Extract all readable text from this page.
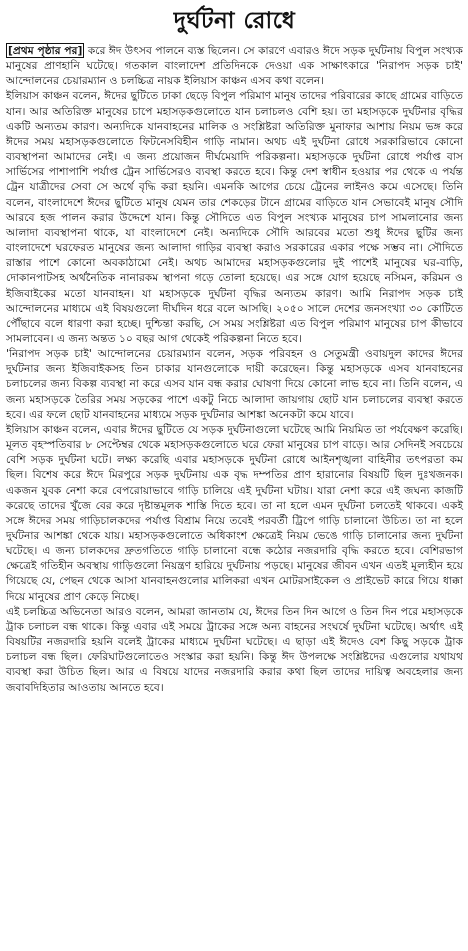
দুর্ঘটনা রোধে

[প্রথম পৃষ্ঠার পর] করে ঈদ উৎসব পালনে ব্যস্ত ছিলেন। সে কারণে এবারও ঈদে সড়ক দুর্ঘটনায় বিপুল সংখ্যক মানুষের প্রাণহানি ঘটেছে। গতকাল বাংলাদেশ প্রতিদিনকে দেওয়া এক সাক্ষাৎকারে 'নিরাপদ সড়ক চাই' আন্দোলনের চেয়ারম্যান ও চলচ্চিত্র নায়ক ইলিয়াস কাঞ্চন এসব কথা বলেন।

ইলিয়াস কাঞ্চন বলেন, ঈদের ছুটিতে ঢাকা ছেড়ে বিপুল পরিমাণ মানুষ তাদের পরিবারের কাছে গ্রামের বাড়িতে যান। আর অতিরিক্ত মানুষের চাপে মহাসড়কগুলোতে যান চলাচলও বেশি হয়। তা মহাসড়কে দুর্ঘটনার বৃদ্ধির একটি অন্যতম কারণ। অন্যদিকে যানবাহনের মালিক ও সংশ্লিষ্টরা অতিরিক্ত মুনাফার আশায় নিয়ম ভঙ্গ করে ঈদের সময় মহাসড়কগুলোতে ফিটনেসবিহীন গাড়ি নামান। অথচ এই দুর্ঘটনা রোধে সরকারিভাবে কোনো ব্যবস্থাপনা আমাদের নেই। এ জন্য প্রয়োজন দীর্ঘমেয়াদি পরিকল্পনা। মহাসড়কে দুর্ঘটনা রোধে পর্যাপ্ত বাস সার্ভিসের পাশাপাশি পর্যাপ্ত ট্রেন সার্ভিসেরও ব্যবস্থা করতে হবে। কিন্তু দেশ স্বাধীন হওয়ার পর থেকে এ পর্যন্ত ট্রেন যাত্রীদের সেবা সে অর্থে বৃদ্ধি করা হয়নি। এমনকি আগের চেয়ে ট্রেনের লাইনও কমে এসেছে। তিনি বলেন, বাংলাদেশে ঈদের ছুটিতে মানুষ যেমন তার শেকড়ের টানে গ্রামের বাড়িতে যান সেভাবেই মানুষ সৌদি আরবে হজ পালন করার উদ্দেশে যান। কিন্তু সৌদিতে এত বিপুল সংখ্যক মানুষের চাপ সামলানোর জন্য আলাদা ব্যবস্থাপনা থাকে, যা বাংলাদেশে নেই। অন্যদিকে সৌদি আরবের মতো শুধু ঈদের ছুটির জন্য বাংলাদেশে ঘরফেরত মানুষের জন্য আলাদা গাড়ির ব্যবস্থা করাও সরকারের একার পক্ষে সম্ভব না। সৌদিতে রাস্তার পাশে কোনো অবকাঠামো নেই। অথচ আমাদের মহাসড়কগুলোর দুই পাশেই মানুষের ঘর-বাড়ি, দোকানপাটসহ অর্থনৈতিক নানারকম স্থাপনা গড়ে তোলা হয়েছে। এর সঙ্গে যোগ হয়েছে নসিমন, করিমন ও ইজিবাইকের মতো যানবাহন। যা মহাসড়কে দুর্ঘটনা বৃদ্ধির অন্যতম কারণ। আমি নিরাপদ সড়ক চাই আন্দোলনের মাধ্যমে এই বিষয়গুলো দীর্ঘদিন ধরে বলে আসছি। ২০৫০ সালে দেশের জনসংখ্যা ৩০ কোটিতে পৌঁছাবে বলে ধারণা করা হচ্ছে। দুশ্চিন্তা করছি, সে সময় সংশ্লিষ্টরা এত বিপুল পরিমাণ মানুষের চাপ কীভাবে সামলাবেন। এ জন্য অন্তত ১০ বছর আগ থেকেই পরিকল্পনা নিতে হবে।

'নিরাপদ সড়ক চাই' আন্দোলনের চেয়ারম্যান বলেন, সড়ক পরিবহন ও সেতুমন্ত্রী ওবায়দুল কাদের ঈদের দুর্ঘটনার জন্য ইজিবাইকসহ তিন চাকার যানগুলোকে দায়ী করেছেন। কিন্তু মহাসড়কে এসব যানবাহনের চলাচলের জন্য বিকল্প ব্যবস্থা না করে এসব যান বন্ধ করার ঘোষণা দিয়ে কোনো লাভ হবে না। তিনি বলেন, এ জন্য মহাসড়কে তৈরির সময় সড়কের পাশে একটু নিচে আলাদা জায়গায় ছোট যান চলাচলের ব্যবস্থা করতে হবে। এর ফলে ছোট যানবাহনের মাধ্যমে সড়ক দুর্ঘটনার আশঙ্কা অনেকটা কমে যাবে।

ইলিয়াস কাঞ্চন বলেন, এবার ঈদের ছুটিতে যে সড়ক দুর্ঘটনাগুলো ঘটেছে আমি নিয়মিত তা পর্যবেক্ষণ করেছি। মূলত বৃহস্পতিবার ৮ সেপ্টেম্বর থেকে মহাসড়কগুলোতে ঘরে ফেরা মানুষের চাপ বাড়ে। আর সেদিনই সবচেয়ে বেশি সড়ক দুর্ঘটনা ঘটে। লক্ষ্য করেছি এবার মহাসড়কে দুর্ঘটনা রোধে আইনশৃঙ্খলা বাহিনীর তৎপরতা কম ছিল। বিশেষ করে ঈদে মিরপুরে সড়ক দুর্ঘটনায় এক বৃদ্ধ দম্পতির প্রাণ হারানোর বিষয়টি ছিল দুঃখজনক। একজন যুবক নেশা করে বেপরোয়াভাবে গাড়ি চালিয়ে এই দুর্ঘটনা ঘটায়। যারা নেশা করে এই জঘন্য কাজটি করেছে তাদের খুঁজে বের করে দৃষ্টান্তমূলক শাস্তি দিতে হবে। তা না হলে এমন দুর্ঘটনা চলতেই থাকবে। একই সঙ্গে ঈদের সময় গাড়িচালকদের পর্যাপ্ত বিশ্রাম নিয়ে তবেই পরবর্তী ট্রিপে গাড়ি চালানো উচিত। তা না হলে দুর্ঘটনার আশঙ্কা থেকে যায়। মহাসড়কগুলোতে অধিকাংশ ক্ষেত্রেই নিয়ম ভেঙে গাড়ি চালানোর জন্য দুর্ঘটনা ঘটেছে। এ জন্য চালকদের দ্রুতগতিতে গাড়ি চালানো বন্ধে কঠোর নজরদারি বৃদ্ধি করতে হবে। বেশিরভাগ ক্ষেত্রেই গতিহীন অবস্থায় গাড়িগুলো নিয়ন্ত্রণ হারিয়ে দুর্ঘটনায় পড়ছে। মানুষের জীবন এখন এতই মূল্যহীন হয়ে গিয়েছে যে, পেছন থেকে আসা যানবাহনগুলোর মালিকরা এখন মোটরসাইকেল ও প্রাইভেট কারে গিয়ে ধাক্কা দিয়ে মানুষের প্রাণ কেড়ে নিচ্ছে।

এই চলচ্চিত্র অভিনেতা আরও বলেন, আমরা জানতাম যে, ঈদের তিন দিন আগে ও তিন দিন পরে মহাসড়কে ট্রাক চলাচল বন্ধ থাকে। কিন্তু এবার এই সময়ে ট্রাকের সঙ্গে অন্য বাহনের সংঘর্ষে দুর্ঘটনা ঘটেছে। অর্থাৎ এই বিষয়টির নজরদারি হয়নি বলেই ট্রাকের মাধ্যমে দুর্ঘটনা ঘটেছে। এ ছাড়া এই ঈদেও বেশ কিছু সড়কে ট্রাক চলাচল বন্ধ ছিল। ফেরিঘাটগুলোতেও সংস্কার করা হয়নি। কিন্তু ঈদ উপলক্ষে সংশ্লিষ্টদের এগুলোর যথাযথ ব্যবস্থা করা উচিত ছিল। আর এ বিষয়ে যাদের নজরদারি করার কথা ছিল তাদের দায়িত্ব অবহেলার জন্য জবাবদিহিতার আওতায় আনতে হবে।
